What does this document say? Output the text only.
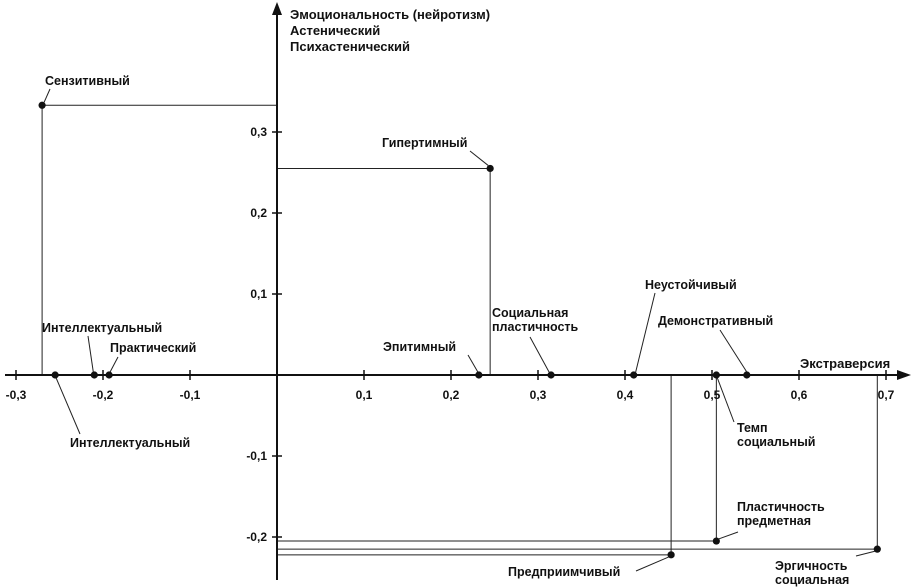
-0,3	-0,2	-0,1	0,1	0,2	0,3	0,4	0,5	0,6	0,7
0,3
0,2
0,1
-0,1
-0,2
Сензитивный
Гипертимный
Интеллектуальный
Интеллектуальный
Практический	Эпитимный
Социальная пластичность
Неустойчивый
Демонстративный
Темп социальный
Пластичность предметная
Предприимчивый	Эргичность социальная
Экстраверсия
Эмоциональность (нейротизм)
Астенический
Психастенический
